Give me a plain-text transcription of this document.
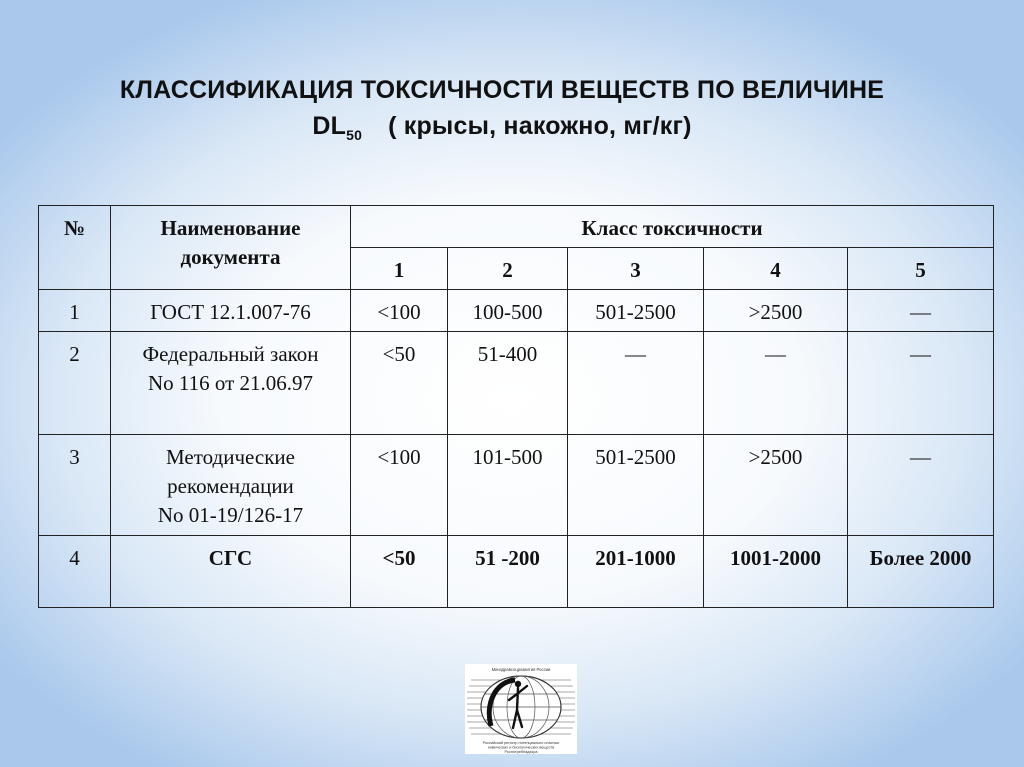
КЛАССИФИКАЦИЯ ТОКСИЧНОСТИ ВЕЩЕСТВ ПО ВЕЛИЧИНЕ
$DL_{50}$ ( крысы, накожно, мг/кг)
№	Наименование документа	Класс токсичности				
		1	2	3	4	5
1	ГОСТ 12.1.007-76	<100	100-500	501-2500	>2500	—
2	Федеральный закон
No 116 от 21.06.97	<50	51-400	—	—	—
3	Методические
рекомендации
No 01-19/126-17	<100	101-500	501-2500	>2500	—
4	СГС	<50	51 -200	201-1000	1001-2000	Более 2000
Минздравсоцразвития России
Российский регистр потенциально опасных
химических и биологических веществ
Роспотребнадзора
